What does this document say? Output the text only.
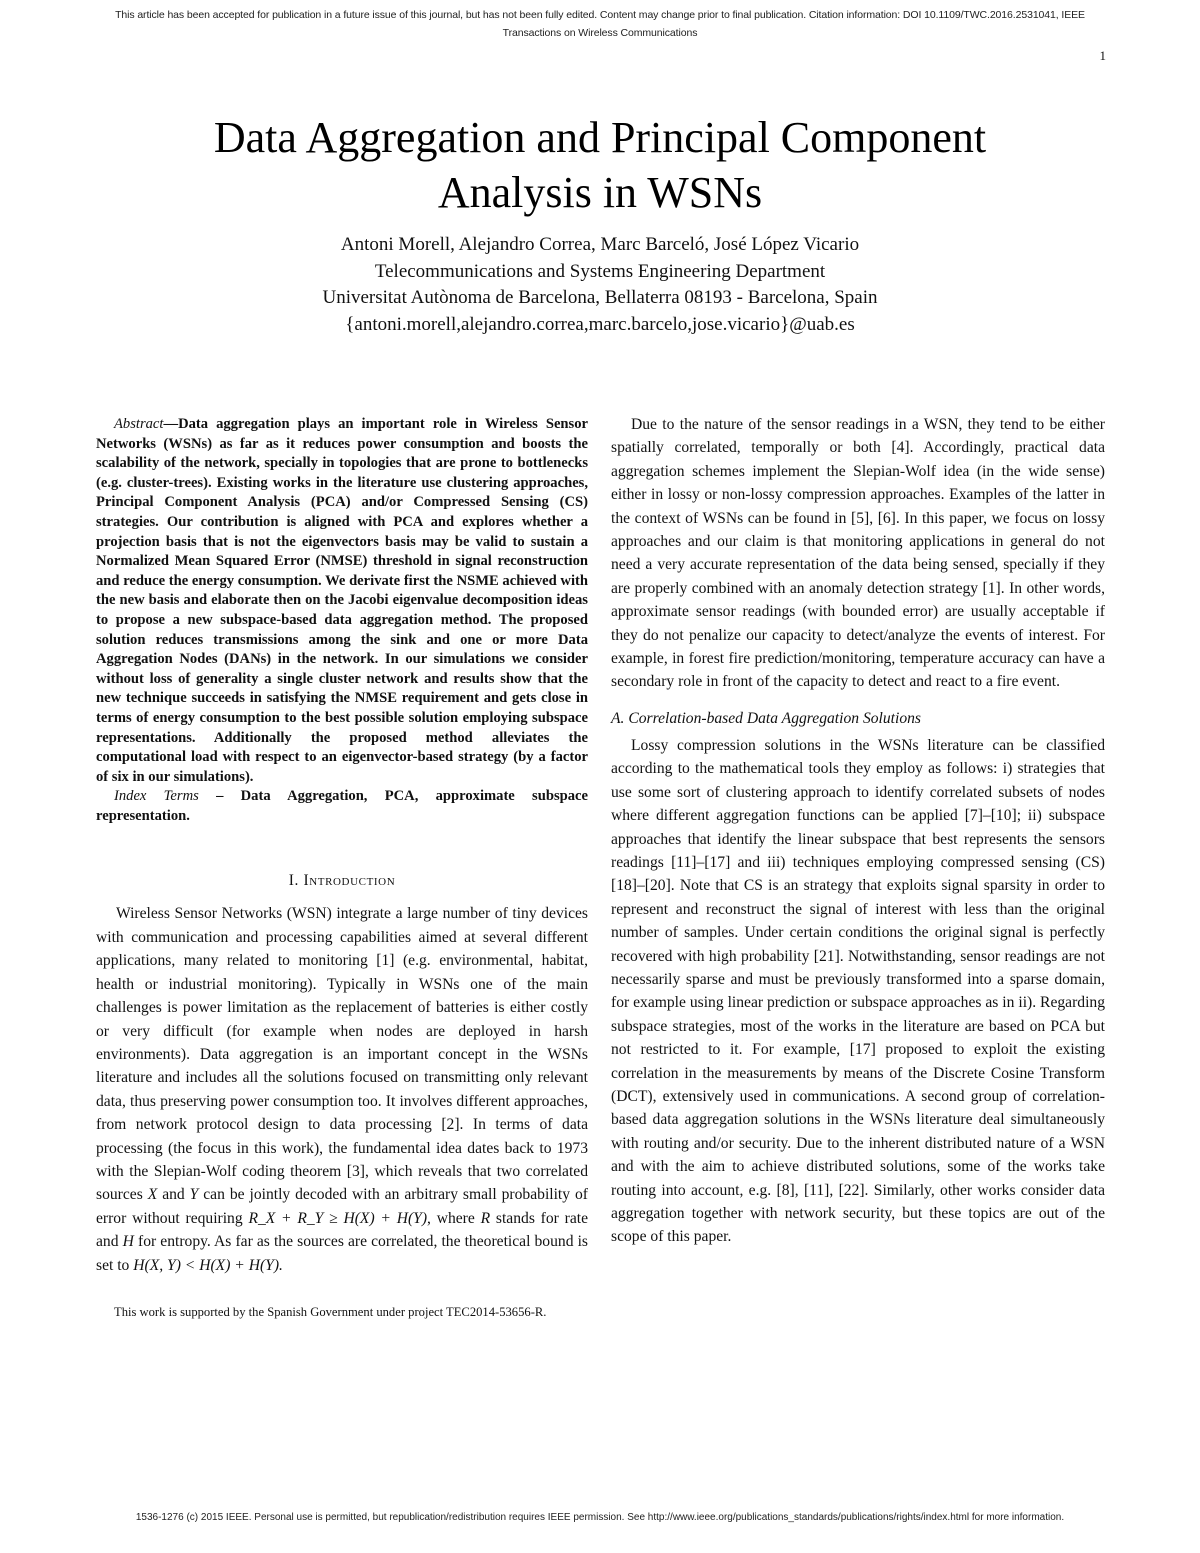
This article has been accepted for publication in a future issue of this journal, but has not been fully edited. Content may change prior to final publication. Citation information: DOI 10.1109/TWC.2016.2531041, IEEE
Transactions on Wireless Communications
1
Data Aggregation and Principal Component
Analysis in WSNs
Antoni Morell, Alejandro Correa, Marc Barceló, José López Vicario
Telecommunications and Systems Engineering Department
Universitat Autònoma de Barcelona, Bellaterra 08193 - Barcelona, Spain
{antoni.morell,alejandro.correa,marc.barcelo,jose.vicario}@uab.es

Abstract—Data aggregation plays an important role in Wireless Sensor Networks (WSNs) as far as it reduces power consumption and boosts the scalability of the network, specially in topologies that are prone to bottlenecks (e.g. cluster-trees). Existing works in the literature use clustering approaches, Principal Component Analysis (PCA) and/or Compressed Sensing (CS) strategies. Our contribution is aligned with PCA and explores whether a projection basis that is not the eigenvectors basis may be valid to sustain a Normalized Mean Squared Error (NMSE) threshold in signal reconstruction and reduce the energy consumption. We derivate first the NSME achieved with the new basis and elaborate then on the Jacobi eigenvalue decomposition ideas to propose a new subspace-based data aggregation method. The proposed solution reduces transmissions among the sink and one or more Data Aggregation Nodes (DANs) in the network. In our simulations we consider without loss of generality a single cluster network and results show that the new technique succeeds in satisfying the NMSE requirement and gets close in terms of energy consumption to the best possible solution employing subspace representations. Additionally the proposed method alleviates the computational load with respect to an eigenvector-based strategy (by a factor of six in our simulations).

Index Terms – Data Aggregation, PCA, approximate subspace representation.

I. Introduction

Wireless Sensor Networks (WSN) integrate a large number of tiny devices with communication and processing capabilities aimed at several different applications, many related to monitoring [1] (e.g. environmental, habitat, health or industrial monitoring). Typically in WSNs one of the main challenges is power limitation as the replacement of batteries is either costly or very difficult (for example when nodes are deployed in harsh environments). Data aggregation is an important concept in the WSNs literature and includes all the solutions focused on transmitting only relevant data, thus preserving power consumption too. It involves different approaches, from network protocol design to data processing [2]. In terms of data processing (the focus in this work), the fundamental idea dates back to 1973 with the Slepian-Wolf coding theorem [3], which reveals that two correlated sources X and Y can be jointly decoded with an arbitrary small probability of error without requiring R_X + R_Y ≥ H(X) + H(Y), where R stands for rate and H for entropy. As far as the sources are correlated, the theoretical bound is set to H(X, Y) < H(X) + H(Y).

This work is supported by the Spanish Government under project TEC2014-53656-R.

Due to the nature of the sensor readings in a WSN, they tend to be either spatially correlated, temporally or both [4]. Accordingly, practical data aggregation schemes implement the Slepian-Wolf idea (in the wide sense) either in lossy or non-lossy compression approaches. Examples of the latter in the context of WSNs can be found in [5], [6]. In this paper, we focus on lossy approaches and our claim is that monitoring applications in general do not need a very accurate representation of the data being sensed, specially if they are properly combined with an anomaly detection strategy [1]. In other words, approximate sensor readings (with bounded error) are usually acceptable if they do not penalize our capacity to detect/analyze the events of interest. For example, in forest fire prediction/monitoring, temperature accuracy can have a secondary role in front of the capacity to detect and react to a fire event.

A. Correlation-based Data Aggregation Solutions

Lossy compression solutions in the WSNs literature can be classified according to the mathematical tools they employ as follows: i) strategies that use some sort of clustering approach to identify correlated subsets of nodes where different aggregation functions can be applied [7]–[10]; ii) subspace approaches that identify the linear subspace that best represents the sensors readings [11]–[17] and iii) techniques employing compressed sensing (CS) [18]–[20]. Note that CS is an strategy that exploits signal sparsity in order to represent and reconstruct the signal of interest with less than the original number of samples. Under certain conditions the original signal is perfectly recovered with high probability [21]. Notwithstanding, sensor readings are not necessarily sparse and must be previously transformed into a sparse domain, for example using linear prediction or subspace approaches as in ii). Regarding subspace strategies, most of the works in the literature are based on PCA but not restricted to it. For example, [17] proposed to exploit the existing correlation in the measurements by means of the Discrete Cosine Transform (DCT), extensively used in communications. A second group of correlation-based data aggregation solutions in the WSNs literature deal simultaneously with routing and/or security. Due to the inherent distributed nature of a WSN and with the aim to achieve distributed solutions, some of the works take routing into account, e.g. [8], [11], [22]. Similarly, other works consider data aggregation together with network security, but these topics are out of the scope of this paper.

1536-1276 (c) 2015 IEEE. Personal use is permitted, but republication/redistribution requires IEEE permission. See http://www.ieee.org/publications_standards/publications/rights/index.html for more information.
